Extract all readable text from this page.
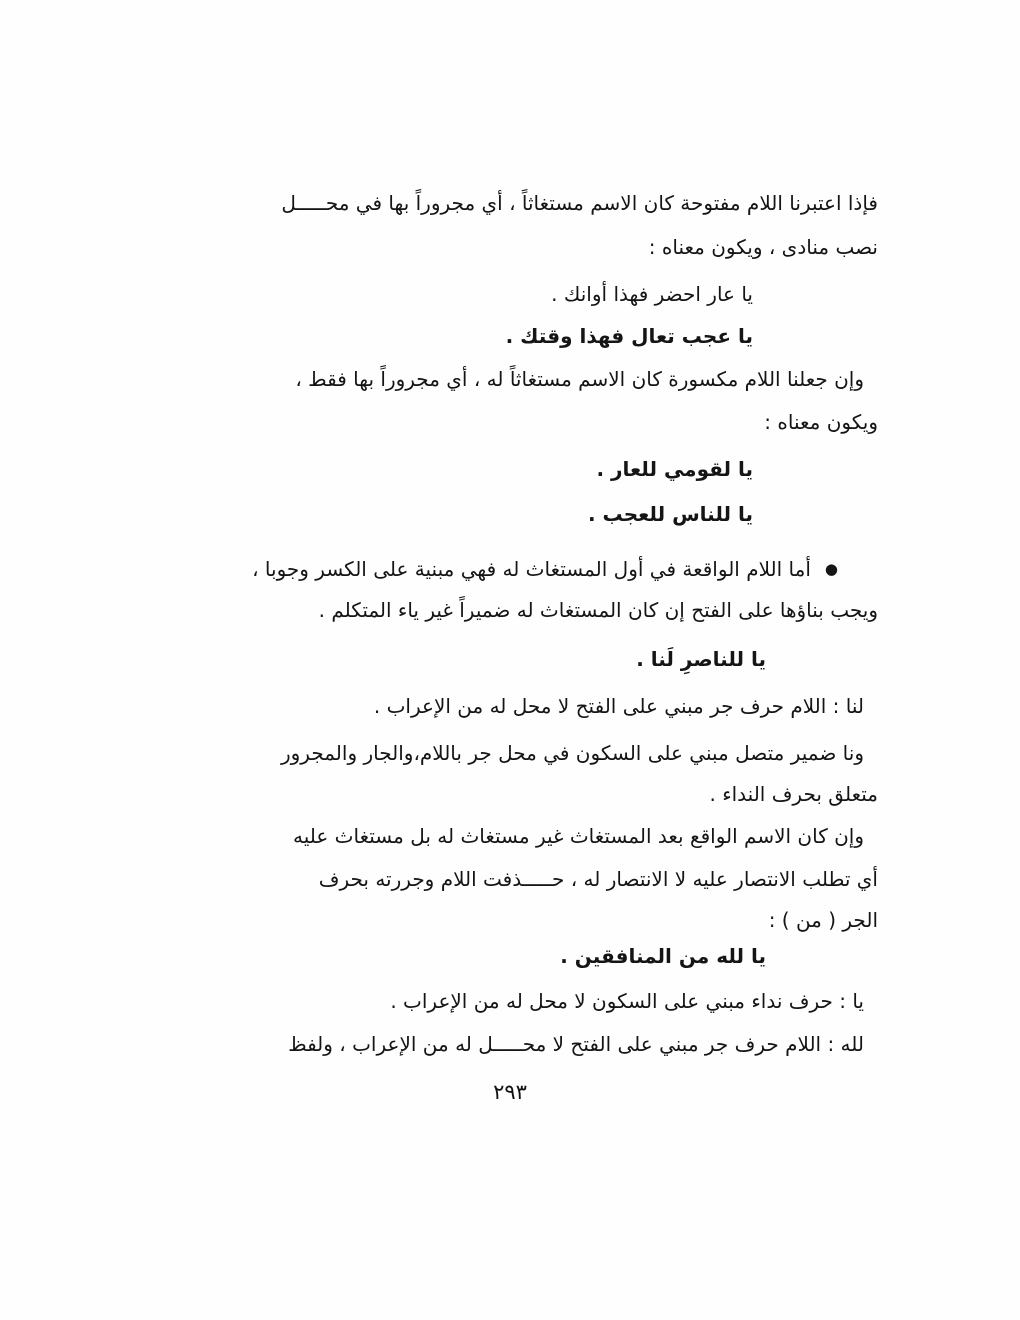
فإذا اعتبرنا اللام مفتوحة كان الاسم مستغاثاً ، أي مجروراً بها في محـــــل
نصب منادى ، ويكون معناه :
يا عار احضر فهذا أوانك .
يا عجب تعال فهذا وقتك .
وإن جعلنا اللام مكسورة كان الاسم مستغاثاً له ، أي مجروراً بها فقط ،
ويكون معناه :
يا لقومي للعار .
يا للناس للعجب .
●أما اللام الواقعة في أول المستغاث له فهي مبنية على الكسر وجوبا ،
ويجب بناؤها على الفتح إن كان المستغاث له ضميراً غير ياء المتكلم .
يا للناصرِ لَنا .
لنا : اللام حرف جر مبني على الفتح لا محل له من الإعراب .
ونا ضمير متصل مبني على السكون في محل جر باللام،والجار والمجرور
متعلق بحرف النداء .
وإن كان الاسم الواقع بعد المستغاث غير مستغاث له بل مستغاث عليه
أي تطلب الانتصار عليه لا الانتصار له ، حـــــذفت اللام وجررته بحرف
الجر ( من ) :
يا لله من المنافقين .
يا : حرف نداء مبني على السكون لا محل له من الإعراب .
لله : اللام حرف جر مبني على الفتح لا محـــــل له من الإعراب ، ولفظ
٢٩٣
